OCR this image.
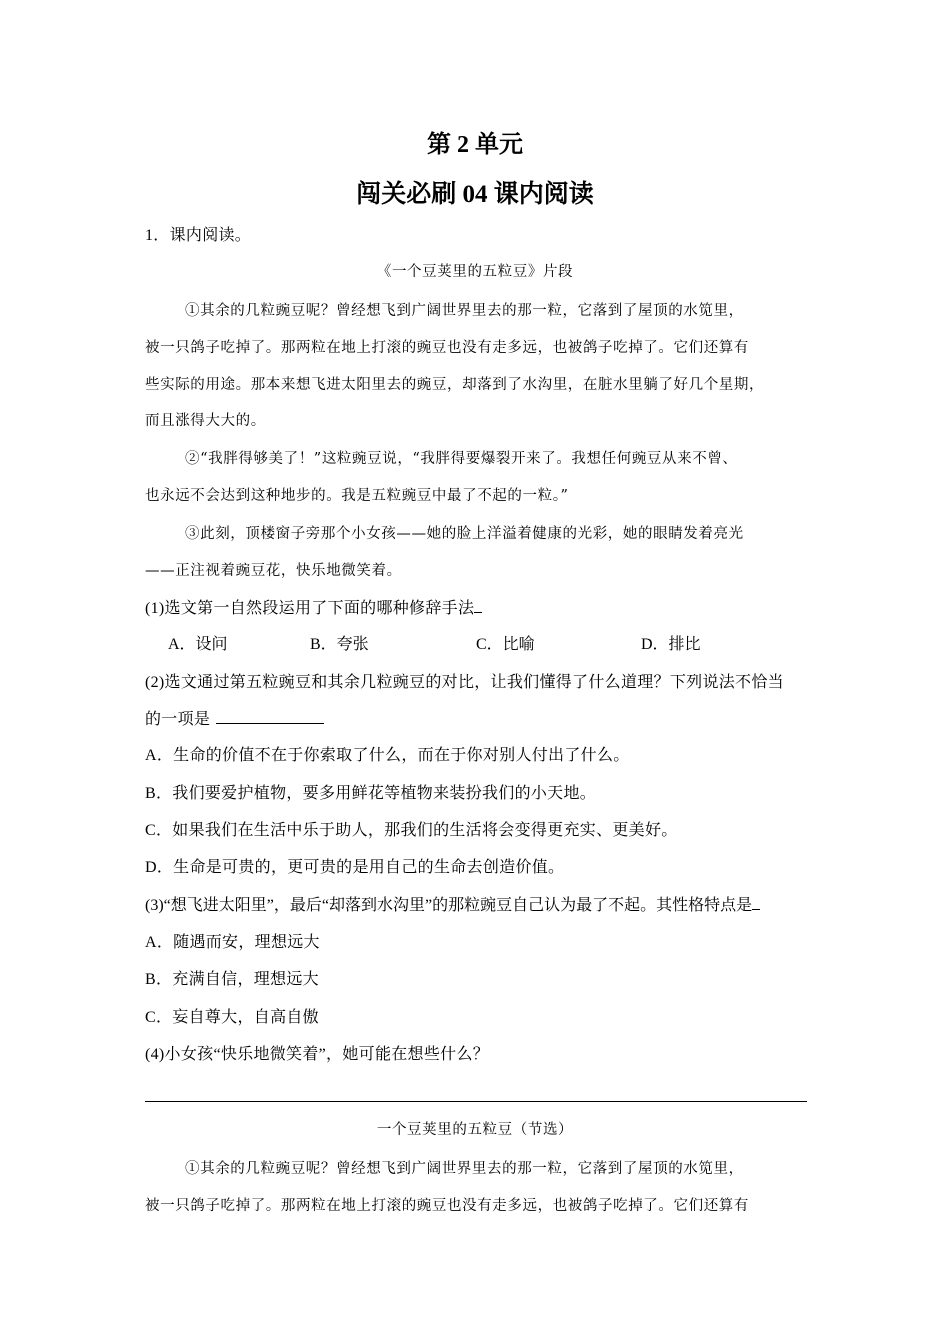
第 2 单元
闯关必刷 04 课内阅读
1．课内阅读。
《一个豆荚里的五粒豆》片段
①其余的几粒豌豆呢？曾经想飞到广阔世界里去的那一粒，它落到了屋顶的水笕里，
被一只鸽子吃掉了。那两粒在地上打滚的豌豆也没有走多远，也被鸽子吃掉了。它们还算有
些实际的用途。那本来想飞进太阳里去的豌豆，却落到了水沟里，在脏水里躺了好几个星期，
而且涨得大大的。
②“我胖得够美了！”这粒豌豆说，“我胖得要爆裂开来了。我想任何豌豆从来不曾、
也永远不会达到这种地步的。我是五粒豌豆中最了不起的一粒。”
③此刻，顶楼窗子旁那个小女孩——她的脸上洋溢着健康的光彩，她的眼睛发着亮光
——正注视着豌豆花，快乐地微笑着。
(1)选文第一自然段运用了下面的哪种修辞手法
A．设问	B．夸张	C．比喻	D．排比
(2)选文通过第五粒豌豆和其余几粒豌豆的对比，让我们懂得了什么道理？下列说法不恰当
的一项是
A．生命的价值不在于你索取了什么，而在于你对别人付出了什么。
B．我们要爱护植物，要多用鲜花等植物来装扮我们的小天地。
C．如果我们在生活中乐于助人，那我们的生活将会变得更充实、更美好。
D．生命是可贵的，更可贵的是用自己的生命去创造价值。
(3)“想飞进太阳里”，最后“却落到水沟里”的那粒豌豆自己认为最了不起。其性格特点是
A．随遇而安，理想远大
B．充满自信，理想远大
C．妄自尊大，自高自傲
(4)小女孩“快乐地微笑着”，她可能在想些什么？
一个豆荚里的五粒豆（节选）
①其余的几粒豌豆呢？曾经想飞到广阔世界里去的那一粒，它落到了屋顶的水笕里，
被一只鸽子吃掉了。那两粒在地上打滚的豌豆也没有走多远，也被鸽子吃掉了。它们还算有
